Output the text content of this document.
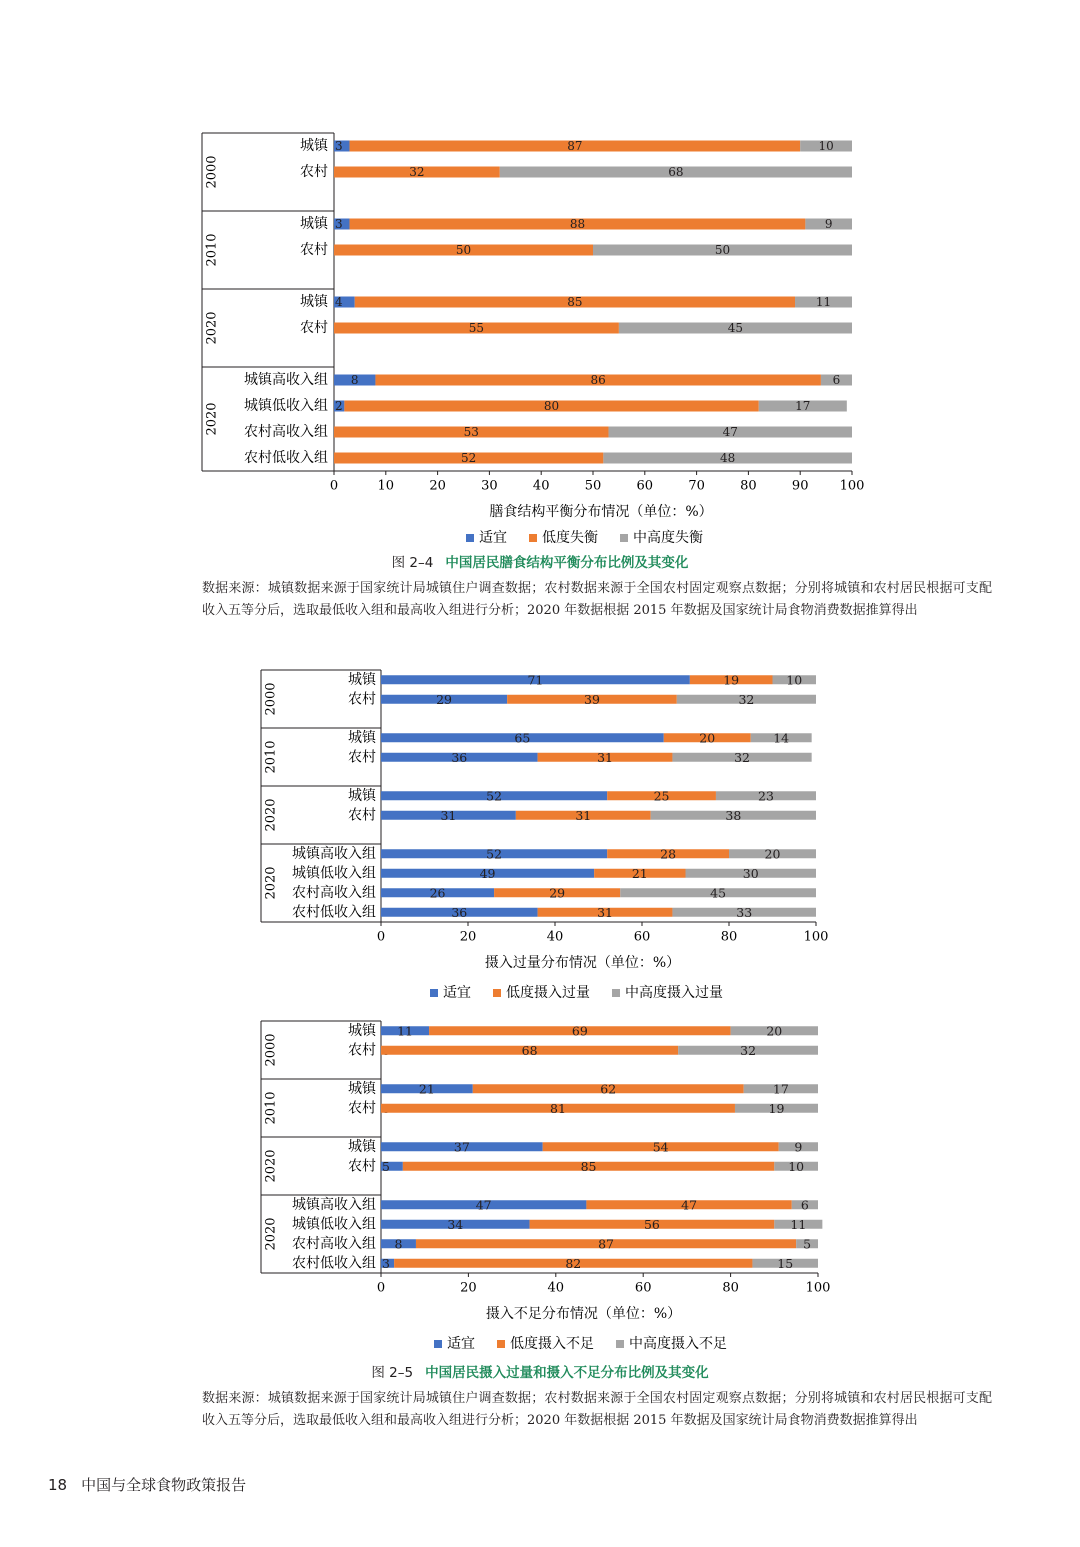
2000
城镇 3	87	10
农村	32	68
2010
城镇 3	88	9
农村	50	50
2020
城镇 4	85	11
农村	55	45
2020
城镇高收入组 8	86	6
城镇低收入组 2	80	17
农村高收入组	53	47
农村低收入组	52	48
0	10	20	30	40	50	60	70	80	90 100
膳食结构平衡分布情况（单位：%）
适宜	低度失衡	中高度失衡
图 2–4 中国居民膳食结构平衡分布比例及其变化
数据来源：城镇数据来源于国家统计局城镇住户调查数据；农村数据来源于全国农村固定观察点数据；分别将城镇和农村居民根据可支配收入五等分后，选取最低收入组和最高收入组进行分析；2020 年数据根据 2015 年数据及国家统计局食物消费数据推算得出
2000
城镇	71	19	10
农村	29	39	32
2010
城镇	65	20	14
农村	36	31	32
2020
城镇	52	25	23
农村	31	31	38
2020
城镇高收入组	52	28	20
城镇低收入组	49	21	30
农村高收入组	26	29	45
农村低收入组	36	31	33
0	20	40	60	80	100
摄入过量分布情况（单位：%）
适宜	低度摄入过量	中高度摄入过量
2000
城镇 11	69	20
农村	68	32
2010
城镇	21	62	17
农村	81	19
2020
城镇	37	54	9
农村 5	85	10
2020
城镇高收入组	47	47	6
城镇低收入组	34	56	11
农村高收入组 8	87	5
农村低收入组 3	82	15
0	20	40	60	80	100
摄入不足分布情况（单位：%）
适宜	低度摄入不足	中高度摄入不足
图 2–5 中国居民摄入过量和摄入不足分布比例及其变化
数据来源：城镇数据来源于国家统计局城镇住户调查数据；农村数据来源于全国农村固定观察点数据；分别将城镇和农村居民根据可支配收入五等分后，选取最低收入组和最高收入组进行分析；2020 年数据根据 2015 年数据及国家统计局食物消费数据推算得出
18 中国与全球食物政策报告
